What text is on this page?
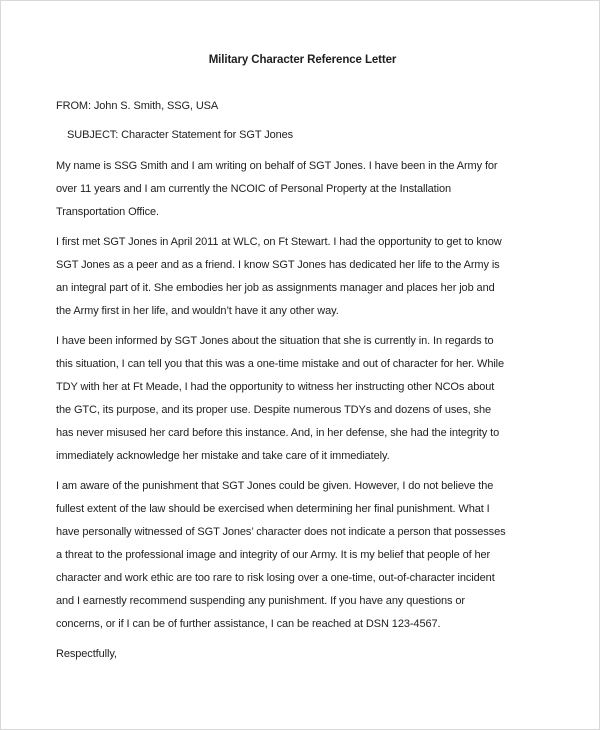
Military Character Reference Letter
FROM: John S. Smith, SSG, USA
SUBJECT: Character Statement for SGT Jones
My name is SSG Smith and I am writing on behalf of SGT Jones. I have been in the Army for
over 11 years and I am currently the NCOIC of Personal Property at the Installation
Transportation Office.
I first met SGT Jones in April 2011 at WLC, on Ft Stewart. I had the opportunity to get to know
SGT Jones as a peer and as a friend. I know SGT Jones has dedicated her life to the Army is
an integral part of it. She embodies her job as assignments manager and places her job and
the Army first in her life, and wouldn’t have it any other way.
I have been informed by SGT Jones about the situation that she is currently in. In regards to
this situation, I can tell you that this was a one-time mistake and out of character for her. While
TDY with her at Ft Meade, I had the opportunity to witness her instructing other NCOs about
the GTC, its purpose, and its proper use. Despite numerous TDYs and dozens of uses, she
has never misused her card before this instance. And, in her defense, she had the integrity to
immediately acknowledge her mistake and take care of it immediately.
I am aware of the punishment that SGT Jones could be given. However, I do not believe the
fullest extent of the law should be exercised when determining her final punishment. What I
have personally witnessed of SGT Jones’ character does not indicate a person that possesses
a threat to the professional image and integrity of our Army. It is my belief that people of her
character and work ethic are too rare to risk losing over a one-time, out-of-character incident
and I earnestly recommend suspending any punishment. If you have any questions or
concerns, or if I can be of further assistance, I can be reached at DSN 123-4567.
Respectfully,
